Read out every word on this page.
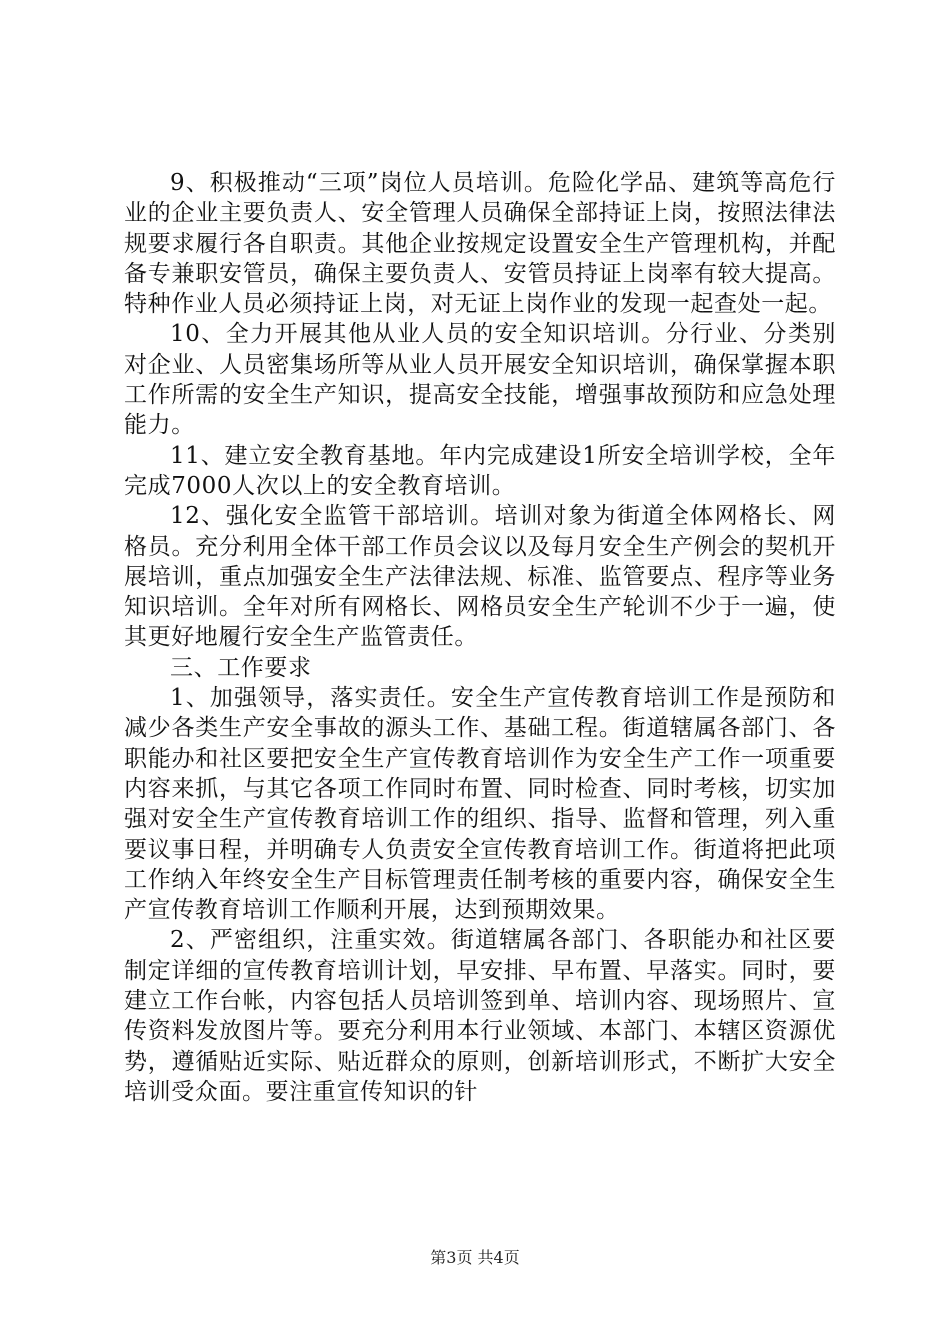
9、积极推动“三项”岗位人员培训。危险化学品、建筑等高危行业的企业主要负责人、安全管理人员确保全部持证上岗，按照法律法规要求履行各自职责。其他企业按规定设置安全生产管理机构，并配备专兼职安管员，确保主要负责人、安管员持证上岗率有较大提高。特种作业人员必须持证上岗，对无证上岗作业的发现一起查处一起。

10、全力开展其他从业人员的安全知识培训。分行业、分类别对企业、人员密集场所等从业人员开展安全知识培训，确保掌握本职工作所需的安全生产知识，提高安全技能，增强事故预防和应急处理能力。

11、建立安全教育基地。年内完成建设1所安全培训学校，全年完成7000人次以上的安全教育培训。

12、强化安全监管干部培训。培训对象为街道全体网格长、网格员。充分利用全体干部工作员会议以及每月安全生产例会的契机开展培训，重点加强安全生产法律法规、标准、监管要点、程序等业务知识培训。全年对所有网格长、网格员安全生产轮训不少于一遍，使其更好地履行安全生产监管责任。

三、工作要求

1、加强领导，落实责任。安全生产宣传教育培训工作是预防和减少各类生产安全事故的源头工作、基础工程。街道辖属各部门、各职能办和社区要把安全生产宣传教育培训作为安全生产工作一项重要内容来抓，与其它各项工作同时布置、同时检查、同时考核，切实加强对安全生产宣传教育培训工作的组织、指导、监督和管理，列入重要议事日程，并明确专人负责安全宣传教育培训工作。街道将把此项工作纳入年终安全生产目标管理责任制考核的重要内容，确保安全生产宣传教育培训工作顺利开展，达到预期效果。

2、严密组织，注重实效。街道辖属各部门、各职能办和社区要制定详细的宣传教育培训计划，早安排、早布置、早落实。同时，要建立工作台帐，内容包括人员培训签到单、培训内容、现场照片、宣传资料发放图片等。要充分利用本行业领域、本部门、本辖区资源优势，遵循贴近实际、贴近群众的原则，创新培训形式，不断扩大安全培训受众面。要注重宣传知识的针

第3页 共4页
